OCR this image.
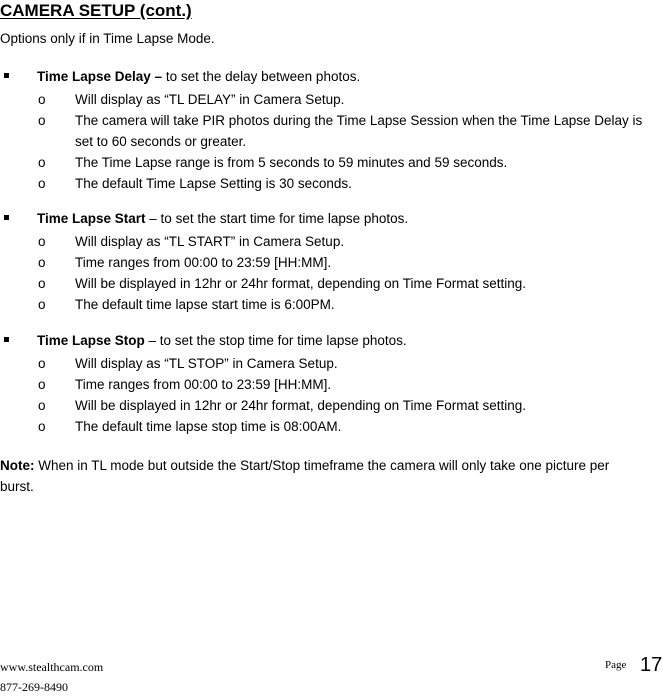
CAMERA SETUP (cont.)
Options only if in Time Lapse Mode.
Time Lapse Delay – to set the delay between photos.
o Will display as “TL DELAY” in Camera Setup.
o The camera will take PIR photos during the Time Lapse Session when the Time Lapse Delay is set to 60 seconds or greater.
o The Time Lapse range is from 5 seconds to 59 minutes and 59 seconds.
o The default Time Lapse Setting is 30 seconds.
Time Lapse Start – to set the start time for time lapse photos.
o Will display as “TL START” in Camera Setup.
o Time ranges from 00:00 to 23:59 [HH:MM].
o Will be displayed in 12hr or 24hr format, depending on Time Format setting.
o The default time lapse start time is 6:00PM.
Time Lapse Stop – to set the stop time for time lapse photos.
o Will display as “TL STOP” in Camera Setup.
o Time ranges from 00:00 to 23:59 [HH:MM].
o Will be displayed in 12hr or 24hr format, depending on Time Format setting.
o The default time lapse stop time is 08:00AM.
Note: When in TL mode but outside the Start/Stop timeframe the camera will only take one picture per burst.
www.stealthcam.com
877-269-8490
Page 17
